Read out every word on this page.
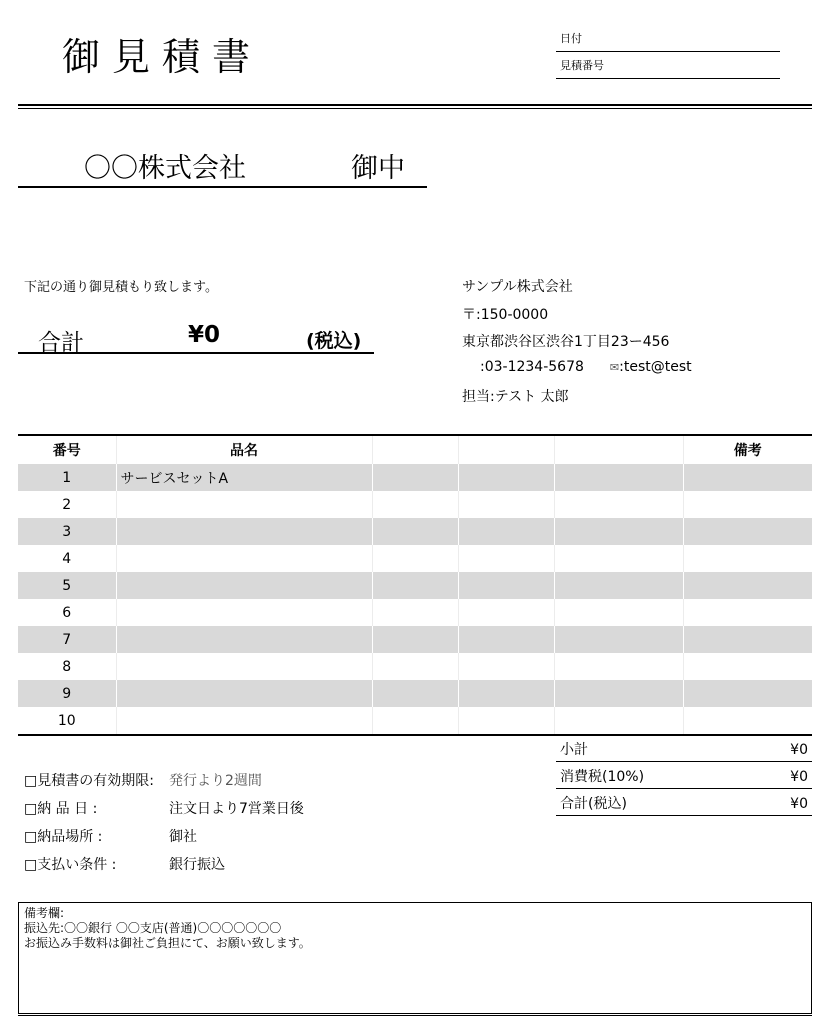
御見積書	日付
見積番号
〇〇株式会社	御中
下記の通り御見積もり致します。
合計	¥0	(税込)
サンプル株式会社
〒:150-0000
東京都渋谷区渋谷1丁目23ー456
:03-1234-5678 ✉:test@test
担当:テスト 太郎
番号	品名				備考
1	サービスセットA				
2					
3					
4					
5					
6					
7					
8					
9					
10					
小計	¥0
消費税(10%)	¥0
合計(税込)	¥0
□見積書の有効期限: 発行より2週間
□納 品 日 :	注文日より7営業日後
□納品場所 :	御社
□支払い条件 :	銀行振込
備考欄:
振込先:〇〇銀行 〇〇支店(普通)〇〇〇〇〇〇〇
お振込み手数料は御社ご負担にて、お願い致します。
